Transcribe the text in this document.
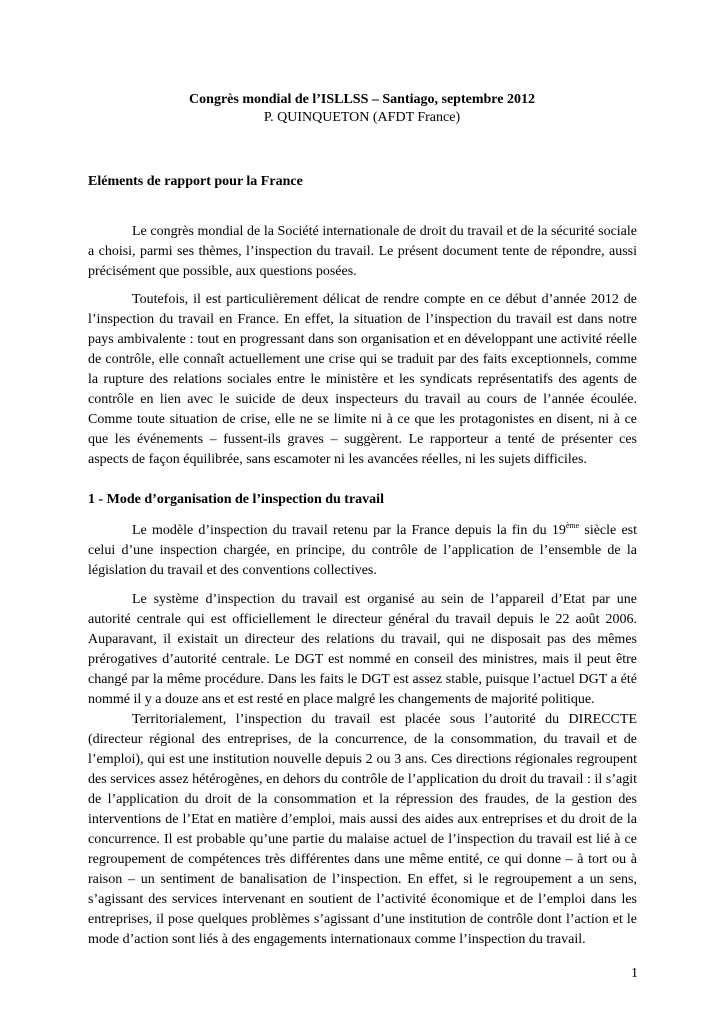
Congrès mondial de l’ISLLSS – Santiago, septembre 2012
P. QUINQUETON (AFDT France)
Eléments de rapport pour la France
Le congrès mondial de la Société internationale de droit du travail et de la sécurité sociale a choisi, parmi ses thèmes, l’inspection du travail. Le présent document tente de répondre, aussi précisément que possible, aux questions posées.
Toutefois, il est particulièrement délicat de rendre compte en ce début d’année 2012 de l’inspection du travail en France. En effet, la situation de l’inspection du travail est dans notre pays ambivalente : tout en progressant dans son organisation et en développant une activité réelle de contrôle, elle connaît actuellement une crise qui se traduit par des faits exceptionnels, comme la rupture des relations sociales entre le ministère et les syndicats représentatifs des agents de contrôle en lien avec le suicide de deux inspecteurs du travail au cours de l’année écoulée. Comme toute situation de crise, elle ne se limite ni à ce que les protagonistes en disent, ni à ce que les événements – fussent-ils graves – suggèrent. Le rapporteur a tenté de présenter ces aspects de façon équilibrée, sans escamoter ni les avancées réelles, ni les sujets difficiles.
1 - Mode d’organisation de l’inspection du travail
Le modèle d’inspection du travail retenu par la France depuis la fin du 19ème siècle est celui d’une inspection chargée, en principe, du contrôle de l’application de l’ensemble de la législation du travail et des conventions collectives.
Le système d’inspection du travail est organisé au sein de l’appareil d’Etat par une autorité centrale qui est officiellement le directeur général du travail depuis le 22 août 2006. Auparavant, il existait un directeur des relations du travail, qui ne disposait pas des mêmes prérogatives d’autorité centrale. Le DGT est nommé en conseil des ministres, mais il peut être changé par la même procédure. Dans les faits le DGT est assez stable, puisque l’actuel DGT a été nommé il y a douze ans et est resté en place malgré les changements de majorité politique.
Territorialement, l’inspection du travail est placée sous l’autorité du DIRECCTE (directeur régional des entreprises, de la concurrence, de la consommation, du travail et de l’emploi), qui est une institution nouvelle depuis 2 ou 3 ans. Ces directions régionales regroupent des services assez hétérogènes, en dehors du contrôle de l’application du droit du travail : il s’agit de l’application du droit de la consommation et la répression des fraudes, de la gestion des interventions de l’Etat en matière d’emploi, mais aussi des aides aux entreprises et du droit de la concurrence. Il est probable qu’une partie du malaise actuel de l’inspection du travail est lié à ce regroupement de compétences très différentes dans une même entité, ce qui donne – à tort ou à raison – un sentiment de banalisation de l’inspection. En effet, si le regroupement a un sens, s’agissant des services intervenant en soutient de l’activité économique et de l’emploi dans les entreprises, il pose quelques problèmes s’agissant d’une institution de contrôle dont l’action et le mode d’action sont liés à des engagements internationaux comme l’inspection du travail.
1
